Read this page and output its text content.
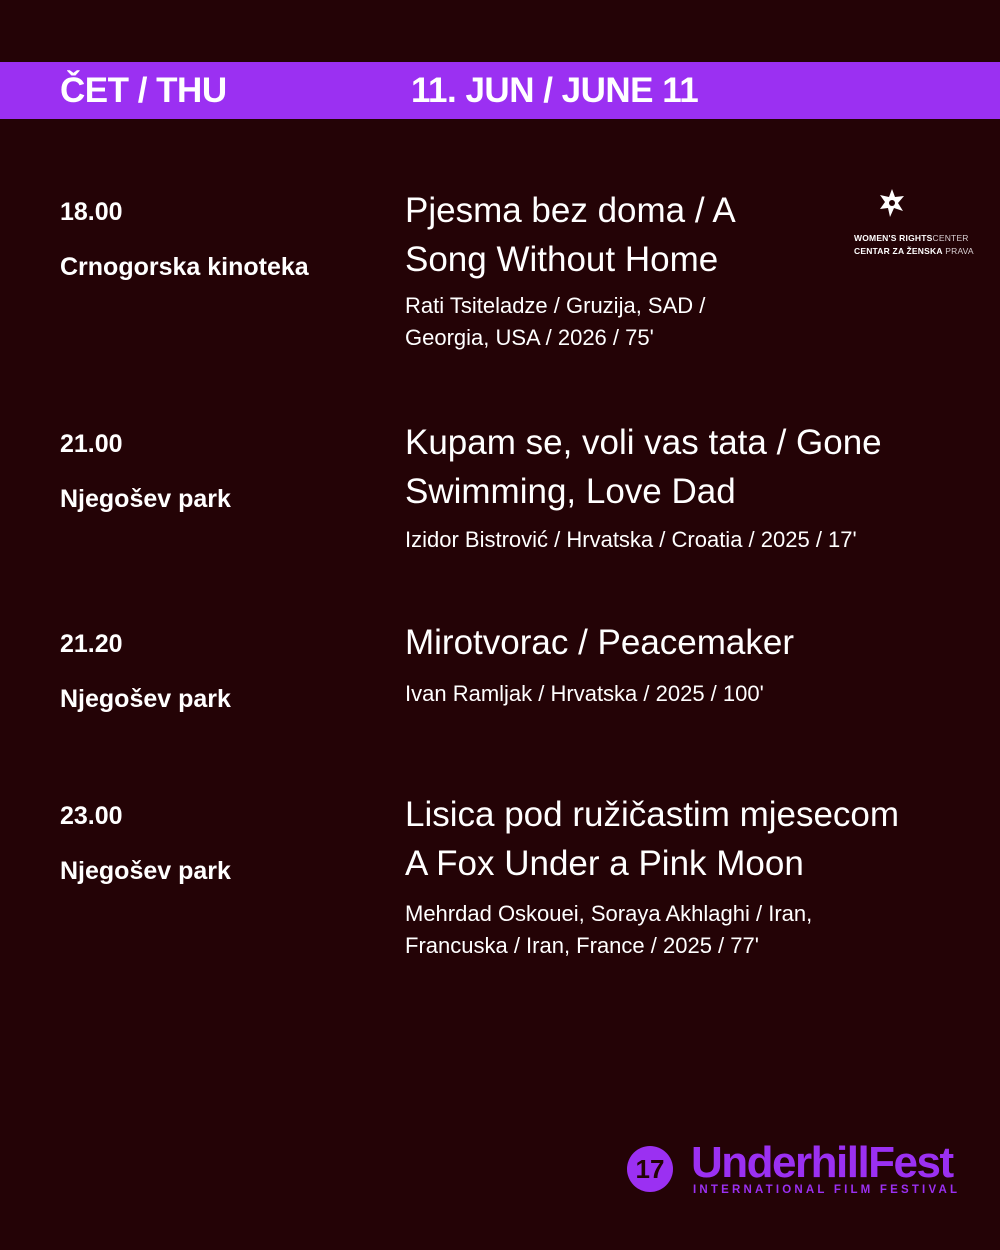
ČET / THU	11. JUN / JUNE 11
18.00
Crnogorska kinoteka
Pjesma bez doma / A
Song Without Home
Rati Tsiteladze / Gruzija, SAD /
Georgia, USA / 2026 / 75'
21.00
Njegošev park
Kupam se, voli vas tata / Gone
Swimming, Love Dad
Izidor Bistrović / Hrvatska / Croatia / 2025 / 17'
21.20
Njegošev park
Mirotvorac / Peacemaker
Ivan Ramljak / Hrvatska / 2025 / 100'
23.00
Njegošev park
Lisica pod ružičastim mjesecom
A Fox Under a Pink Moon
Mehrdad Oskouei, Soraya Akhlaghi / Iran,
Francuska / Iran, France / 2025 / 77'
WOMEN'S RIGHTSCENTER
CENTAR ZA ŽENSKA PRAVA
17 UnderhillFest
INTERNATIONAL FILM FESTIVAL
